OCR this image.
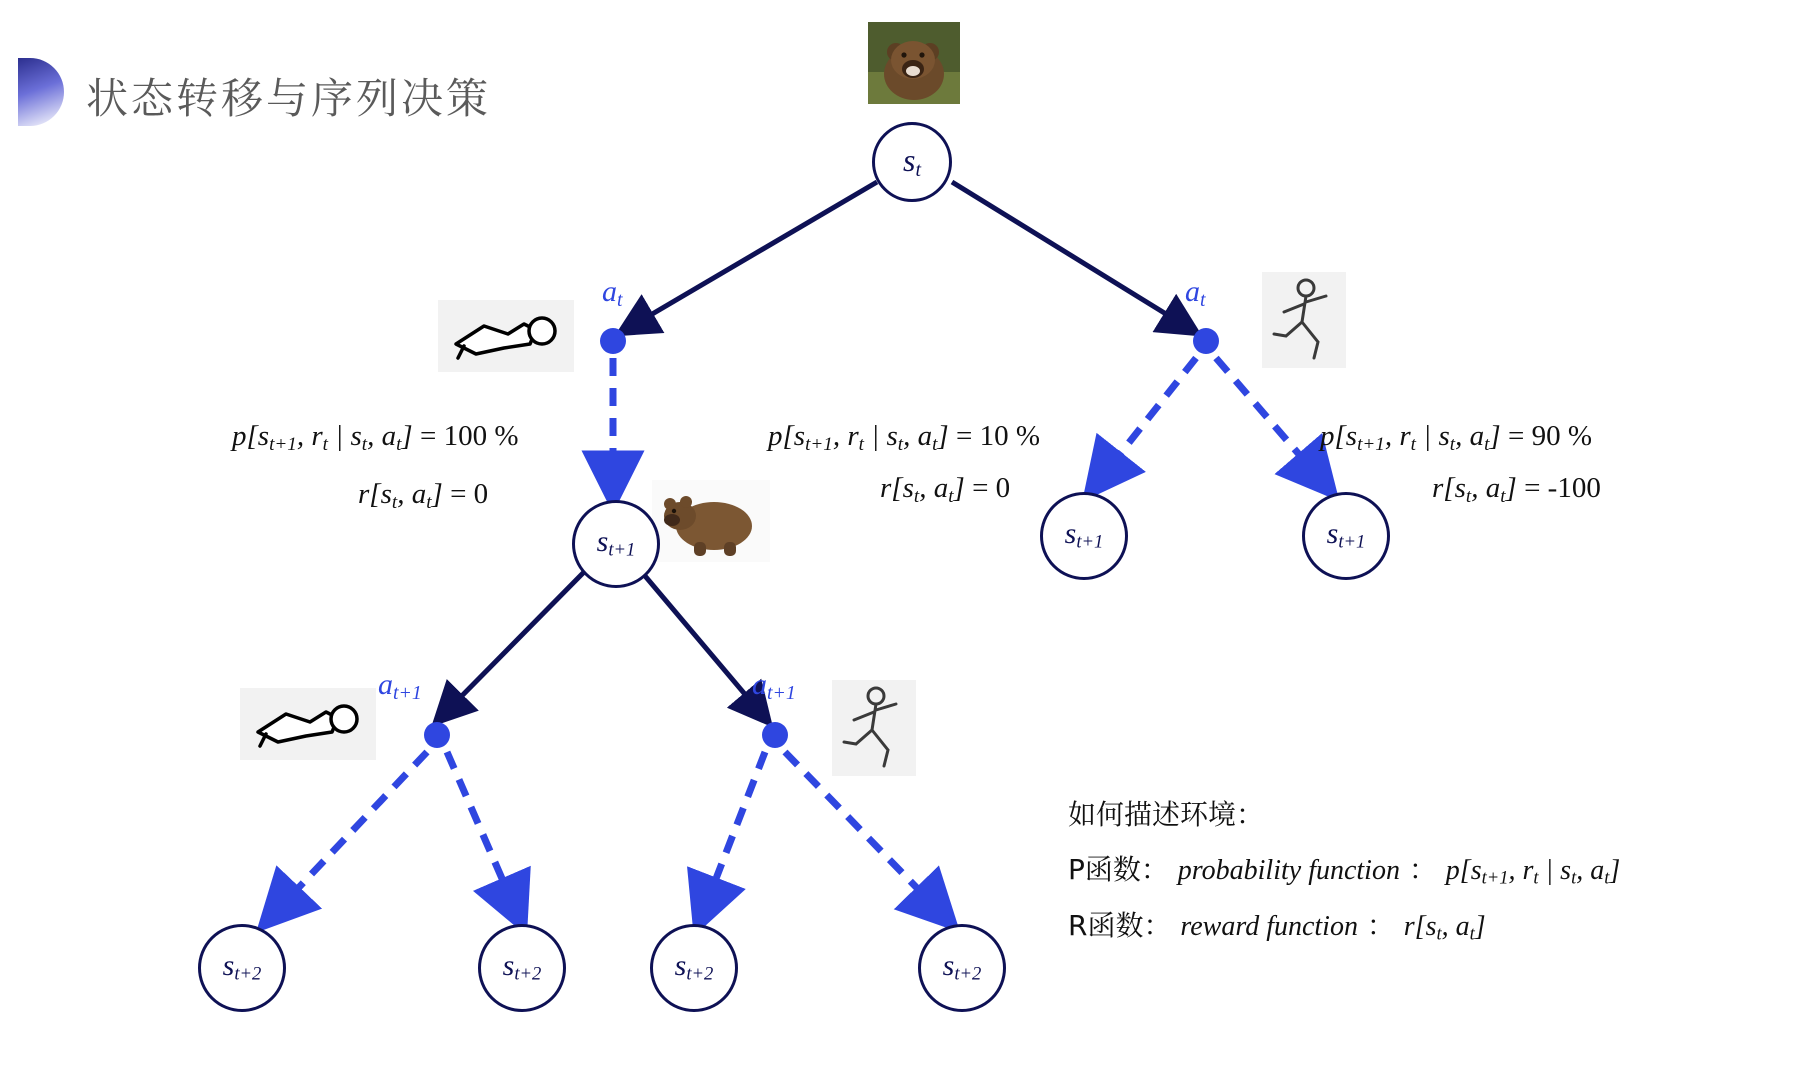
状态转移与序列决策
$s_t$
$s_{t+1}$
$s_{t+1}$	$s_{t+1}$
$s_{t+2}$	$s_{t+2}$	$s_{t+2}$	$s_{t+2}$
$a_t$	$a_t$
$a_{t+1}$	$a_{t+1}$
$p[s_{t+1}$, $r_t$ | $s_t$, $a_t] = 100$ %
$r[s_t$, $a_t] = 0$
$p[s_{t+1}$, $r_t$ | $s_t$, $a_t] = 10$ %
$r[s_t$, $a_t] = 0$
$p[s_{t+1}$, $r_t$ | $s_t$, $a_t] = 90$ %
$r[s_t$, $a_t] = -100$
如何描述环境：
P函数： probability function ： $p[s_{t+1}$, $r_t$ | $s_t$, $a_t$]
R函数： reward function ： $r[s_t$, $a_t$]
